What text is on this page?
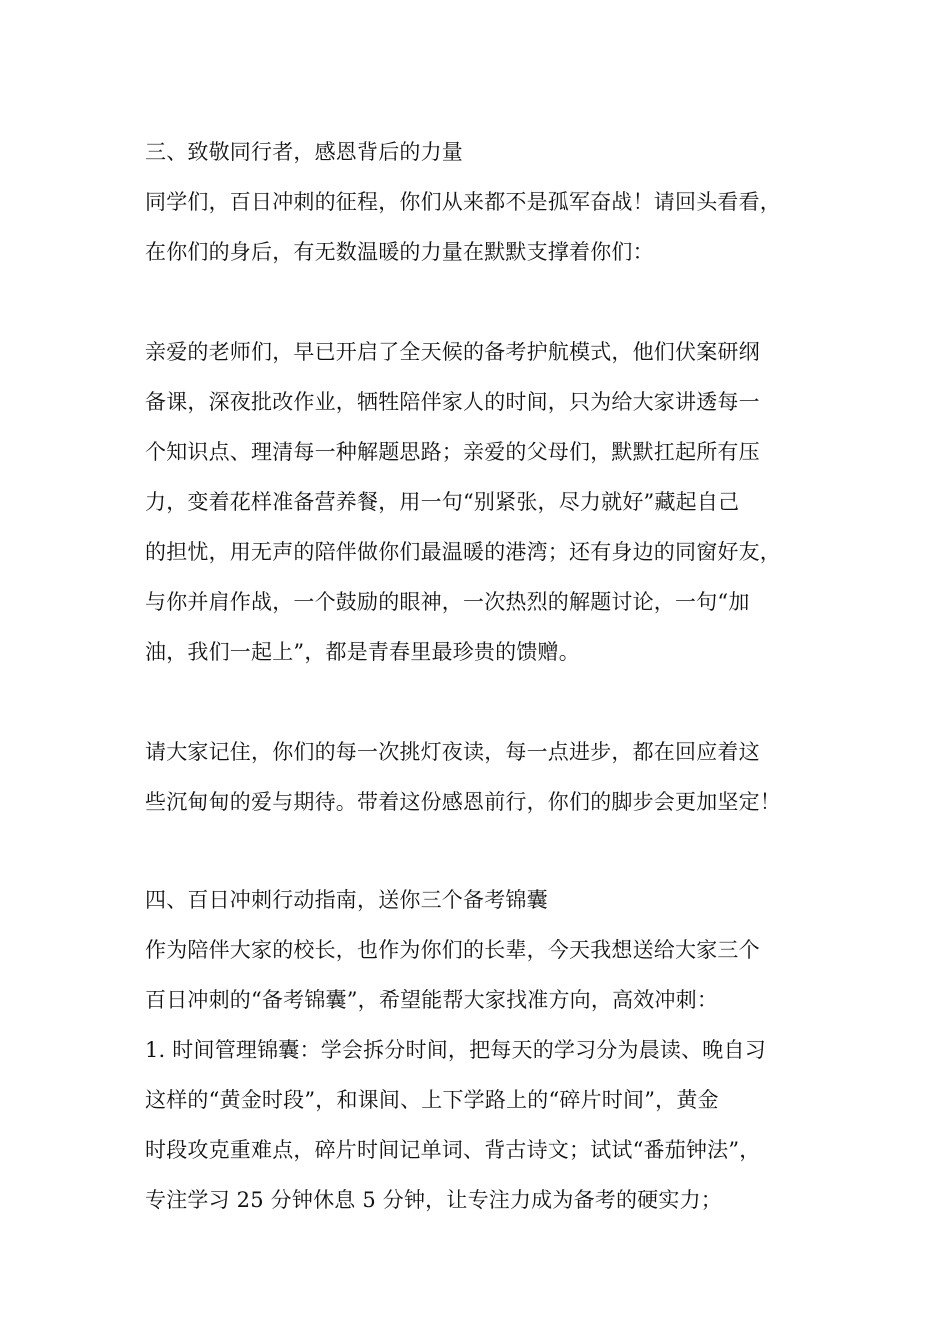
三、致敬同行者，感恩背后的力量
同学们，百日冲刺的征程，你们从来都不是孤军奋战！请回头看看，
在你们的身后，有无数温暖的力量在默默支撑着你们：
亲爱的老师们，早已开启了全天候的备考护航模式，他们伏案研纲
备课，深夜批改作业，牺牲陪伴家人的时间，只为给大家讲透每一
个知识点、理清每一种解题思路；亲爱的父母们，默默扛起所有压
力，变着花样准备营养餐，用一句“别紧张，尽力就好”藏起自己
的担忧，用无声的陪伴做你们最温暖的港湾；还有身边的同窗好友，
与你并肩作战，一个鼓励的眼神，一次热烈的解题讨论，一句“加
油，我们一起上”，都是青春里最珍贵的馈赠。
请大家记住，你们的每一次挑灯夜读，每一点进步，都在回应着这
些沉甸甸的爱与期待。带着这份感恩前行，你们的脚步会更加坚定！
四、百日冲刺行动指南，送你三个备考锦囊
作为陪伴大家的校长，也作为你们的长辈，今天我想送给大家三个
百日冲刺的“备考锦囊”，希望能帮大家找准方向，高效冲刺：
1. 时间管理锦囊：学会拆分时间，把每天的学习分为晨读、晚自习
这样的“黄金时段”，和课间、上下学路上的“碎片时间”，黄金
时段攻克重难点，碎片时间记单词、背古诗文；试试“番茄钟法”，
专注学习 25 分钟休息 5 分钟，让专注力成为备考的硬实力；
